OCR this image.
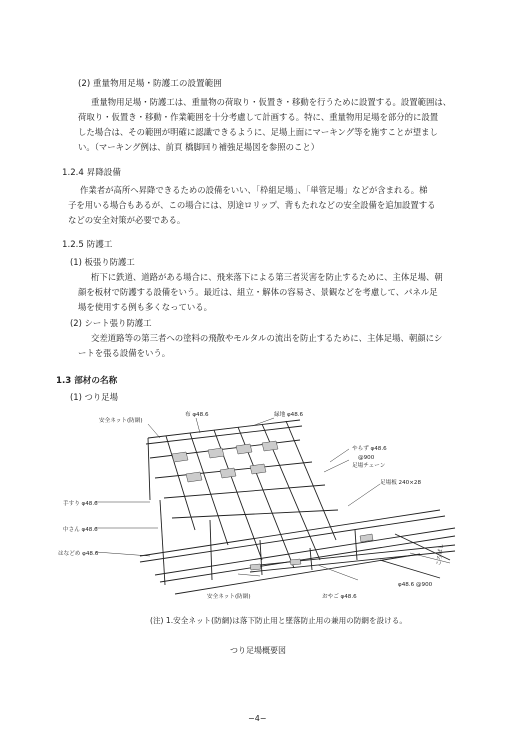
(2) 重量物用足場・防護工の設置範囲
重量物用足場・防護工は、重量物の荷取り・仮置き・移動を行うために設置する。設置範囲は、
荷取り・仮置き・移動・作業範囲を十分考慮して計画する。特に、重量物用足場を部分的に設置
した場合は、その範囲が明確に認識できるように、足場上面にマーキング等を施すことが望まし
い。（マーキング例は、前頁 橋脚回り補強足場図を参照のこと）
1.2.4 昇降設備
作業者が高所へ昇降できるための設備をいい、「枠組足場」、「単管足場」などが含まれる。梯
子を用いる場合もあるが、この場合には、別途ロリップ、背もたれなどの安全設備を追加設置する
などの安全対策が必要である。
1.2.5 防護工
(1) 板張り防護工
桁下に鉄道、道路がある場合に、飛来落下による第三者災害を防止するために、主体足場、朝
顔を板材で防護する設備をいう。最近は、組立・解体の容易さ、景観などを考慮して、パネル足
場を使用する例も多くなっている。
(2) シート張り防護工
交差道路等の第三者への塗料の飛散やモルタルの流出を防止するために、主体足場、朝顔にシ
ートを張る設備をいう。
1.3 部材の名称
(1) つり足場
布 φ48.6
安全ネット(防網)
緑地 φ48.6
やらず φ48.6
@900
足場チェーン
足場板 240×28
手すり φ48.6
中さん φ48.6
はなどめ φ48.6	ころばし
φ48.6 @900
安全ネット(防網)	おやご φ48.6
(注) 1.安全ネット(防網)は落下防止用と墜落防止用の兼用の防網を設ける。
つり足場概要図
−4−
